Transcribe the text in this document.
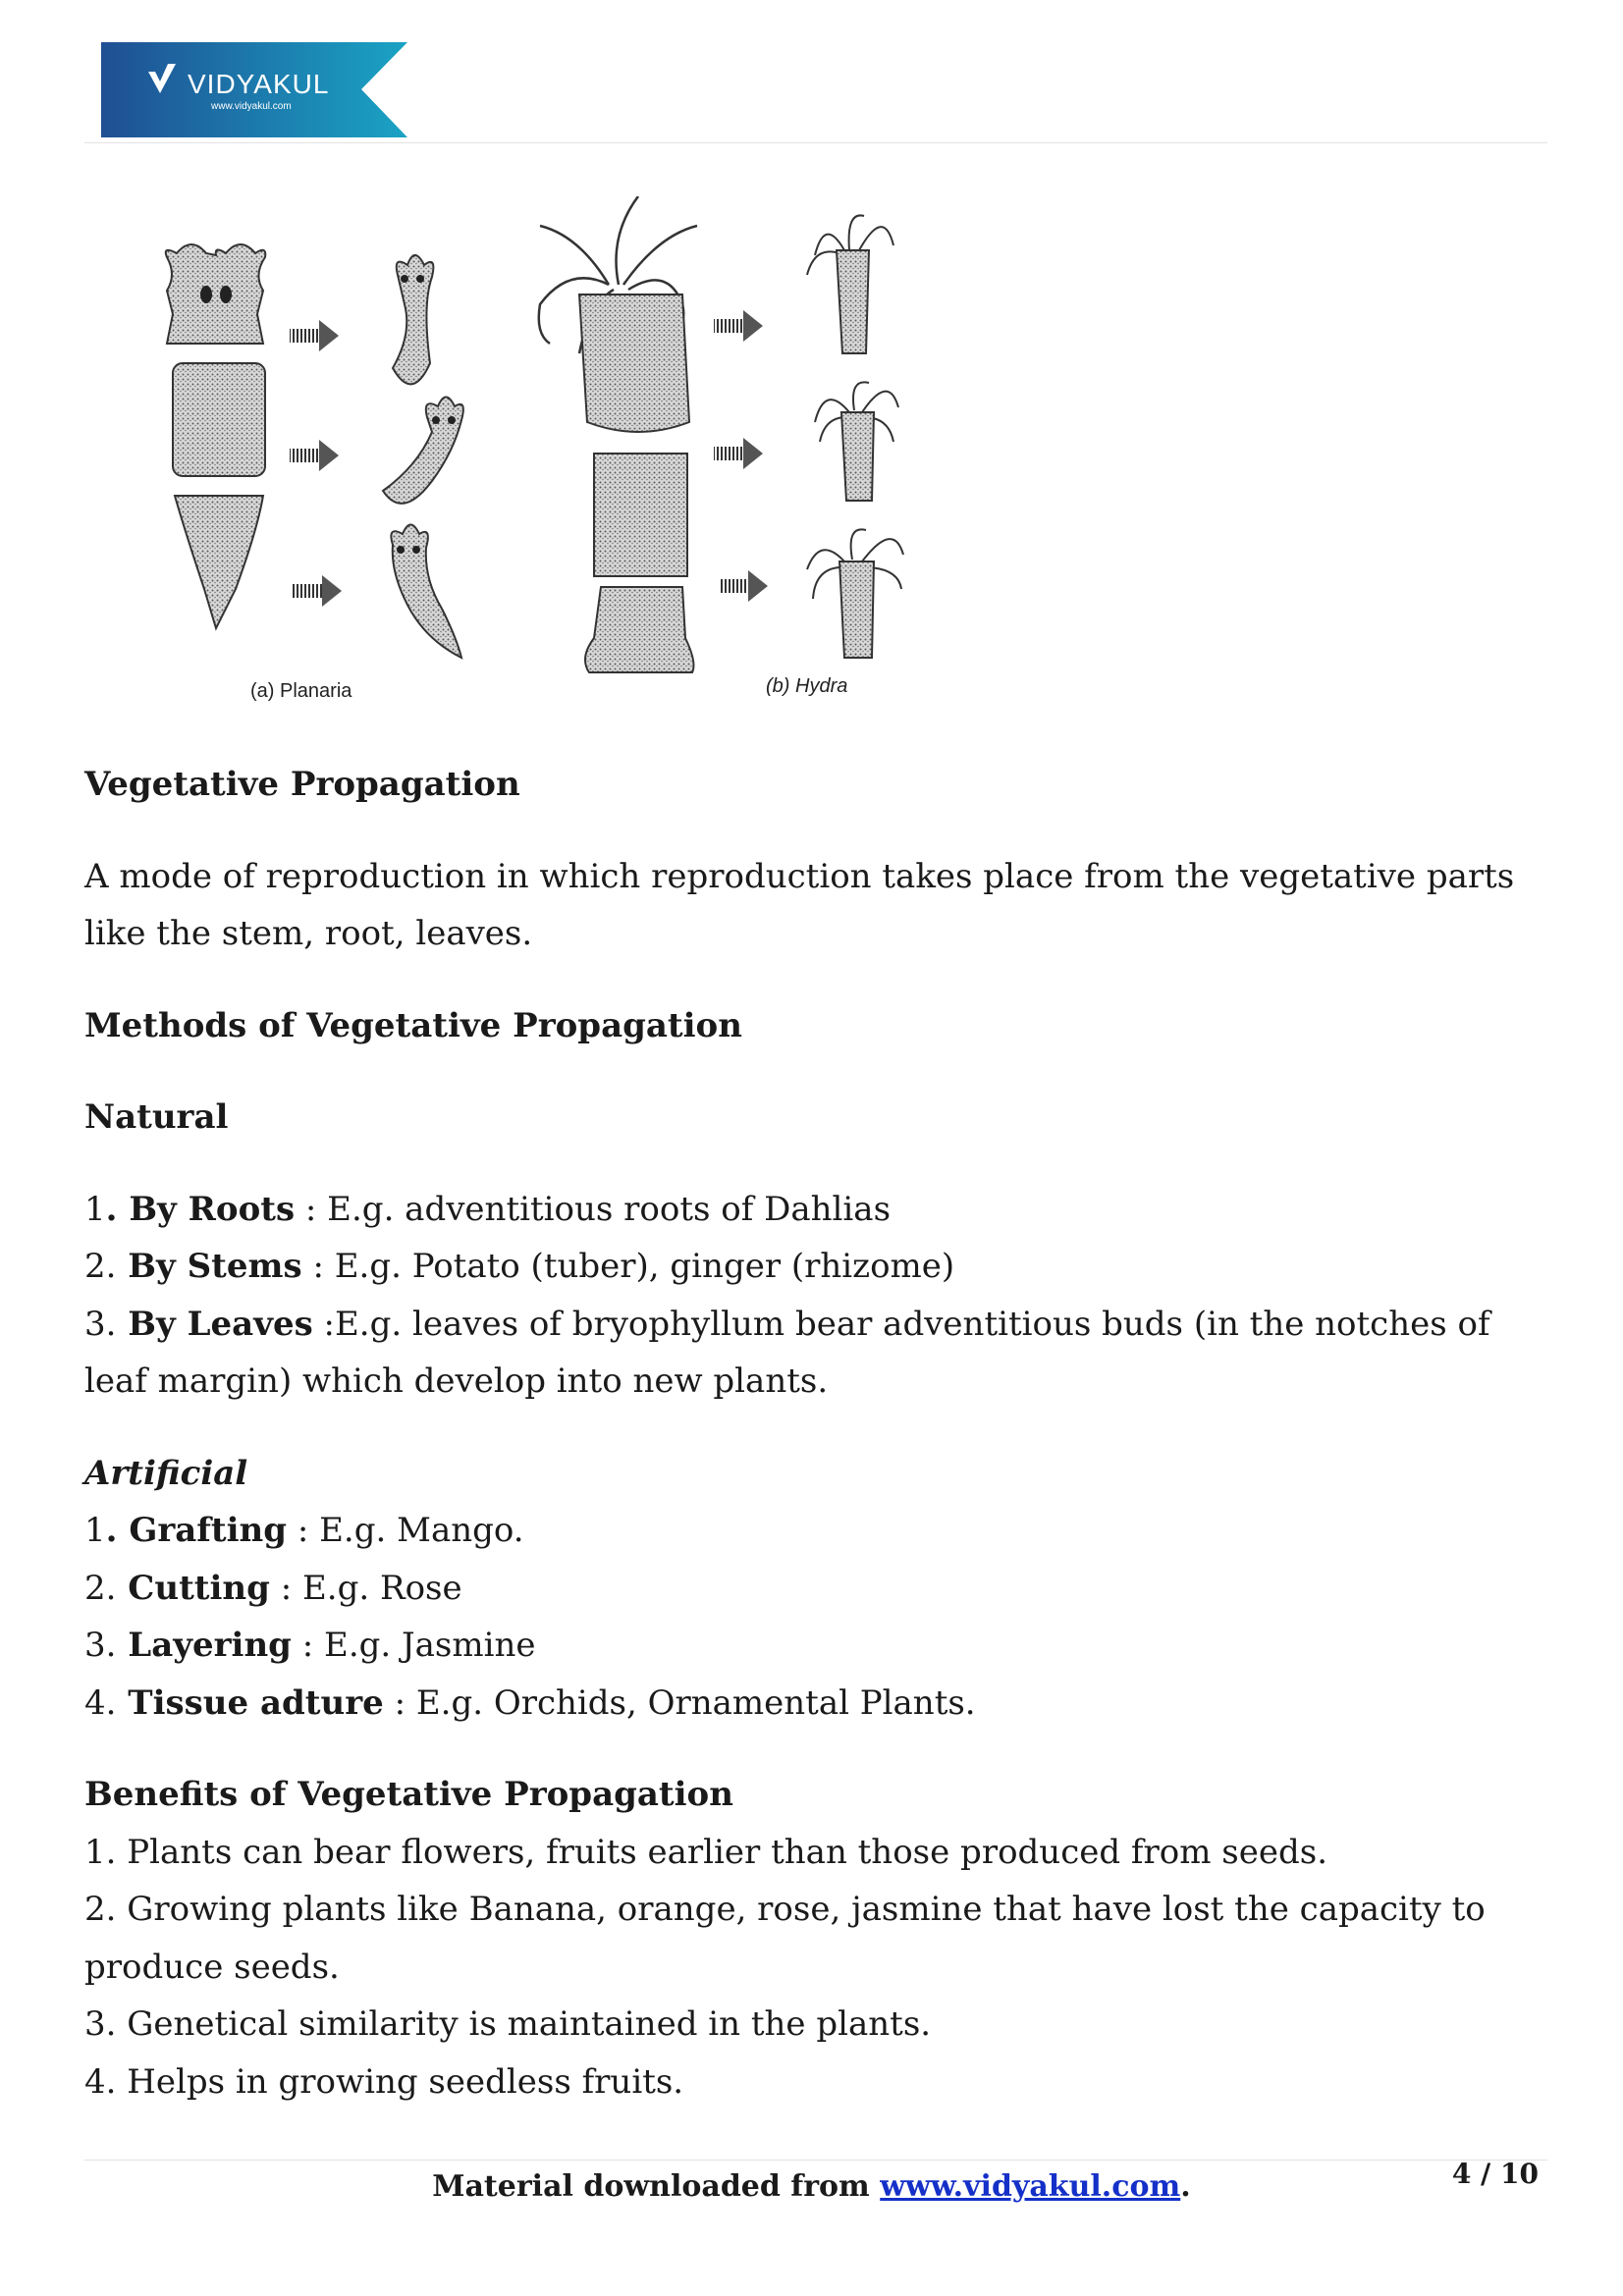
VIDYAKUL
www.vidyakul.com
(a) Planaria	(b) Hydra

Vegetative Propagation

A mode of reproduction in which reproduction takes place from the vegetative parts like the stem, root, leaves.

Methods of Vegetative Propagation

Natural

1. By Roots : E.g. adventitious roots of Dahlias

2. By Stems : E.g. Potato (tuber), ginger (rhizome)

3. By Leaves :E.g. leaves of bryophyllum bear adventitious buds (in the notches of leaf margin) which develop into new plants.

Artificial

1. Grafting : E.g. Mango.

2. Cutting : E.g. Rose

3. Layering : E.g. Jasmine

4. Tissue adture : E.g. Orchids, Ornamental Plants.

Benefits of Vegetative Propagation

1. Plants can bear flowers, fruits earlier than those produced from seeds.

2. Growing plants like Banana, orange, rose, jasmine that have lost the capacity to produce seeds.

3. Genetical similarity is maintained in the plants.

4. Helps in growing seedless fruits.

Material downloaded from www.vidyakul.com.	4 / 10
